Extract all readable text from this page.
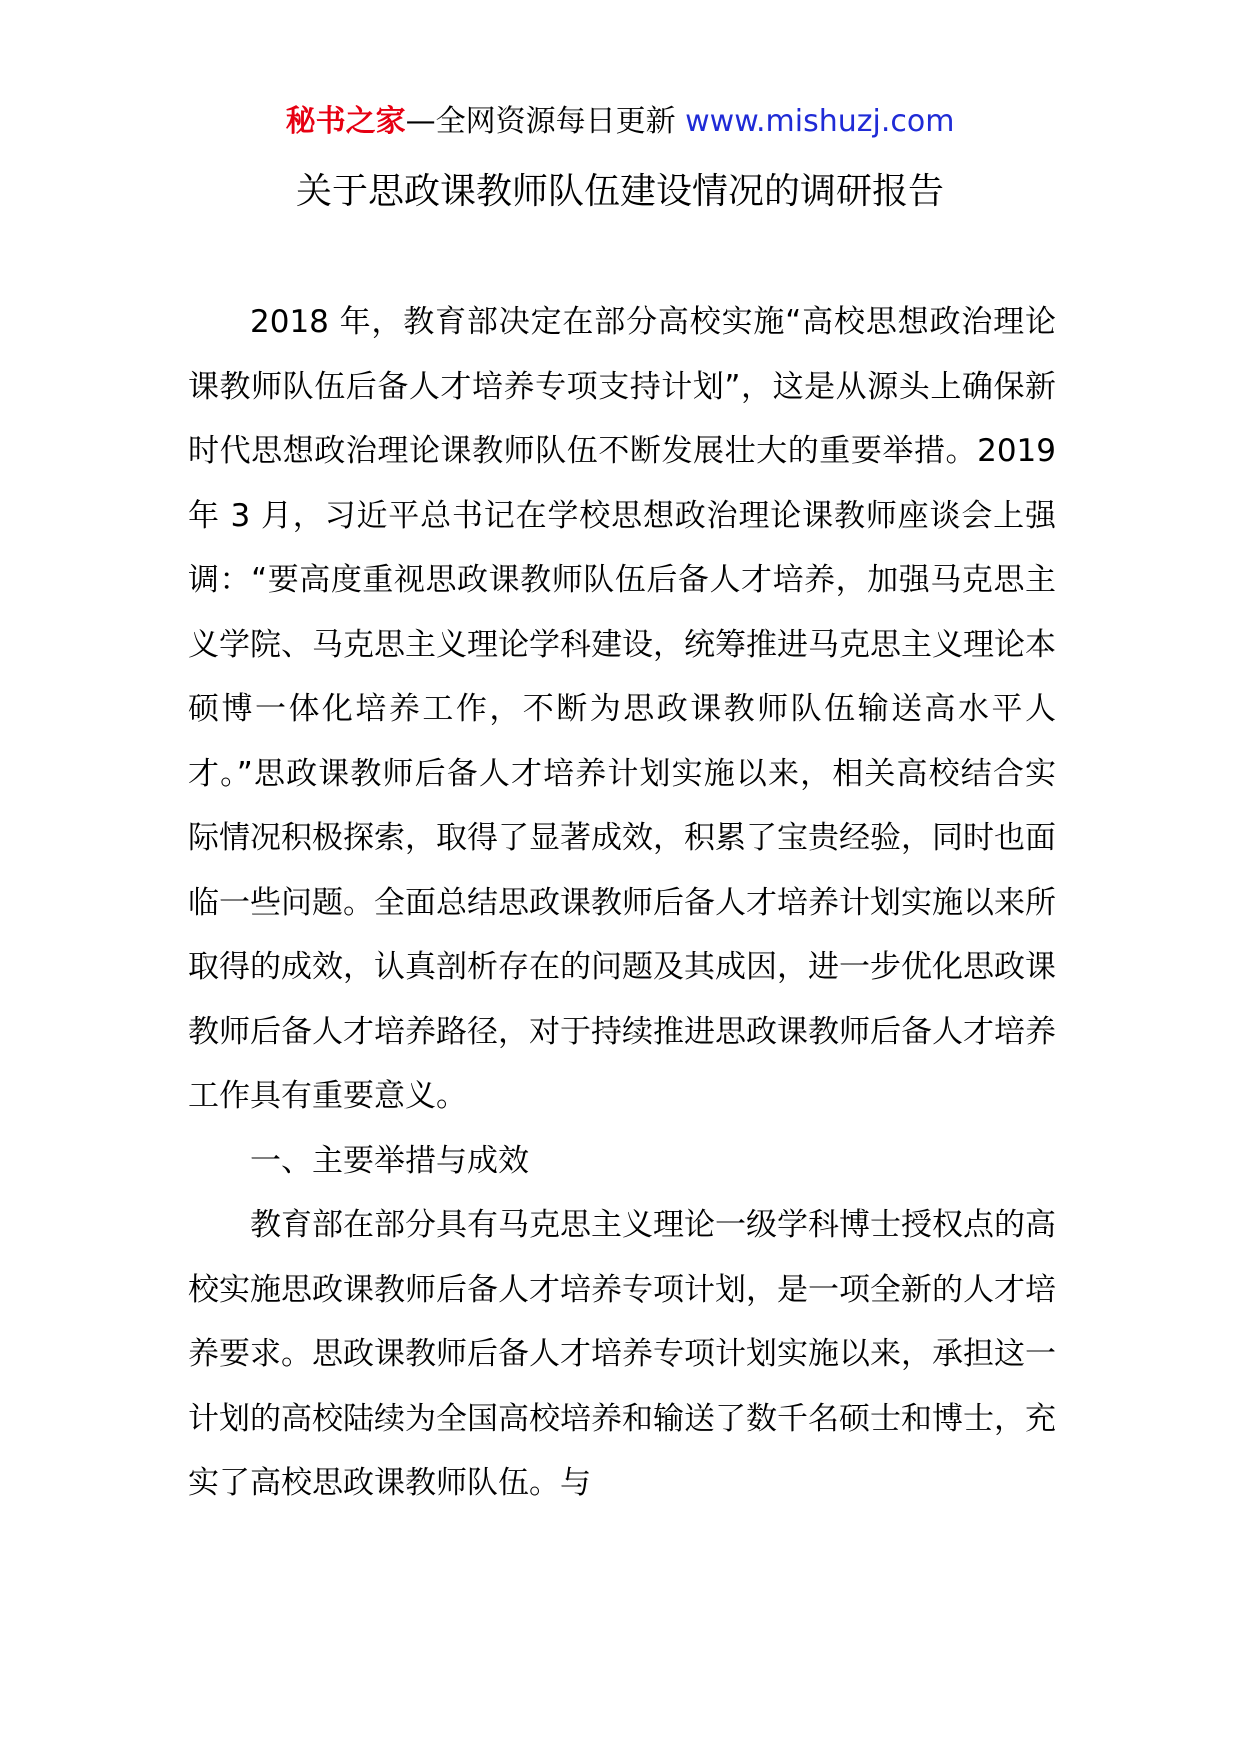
秘书之家—全网资源每日更新 www.mishuzj.com
关于思政课教师队伍建设情况的调研报告

2018 年，教育部决定在部分高校实施“高校思想政治理论课教师队伍后备人才培养专项支持计划”，这是从源头上确保新时代思想政治理论课教师队伍不断发展壮大的重要举措。2019 年 3 月，习近平总书记在学校思想政治理论课教师座谈会上强调：“要高度重视思政课教师队伍后备人才培养，加强马克思主义学院、马克思主义理论学科建设，统筹推进马克思主义理论本硕博一体化培养工作，不断为思政课教师队伍输送高水平人才。”思政课教师后备人才培养计划实施以来，相关高校结合实际情况积极探索，取得了显著成效，积累了宝贵经验，同时也面临一些问题。全面总结思政课教师后备人才培养计划实施以来所取得的成效，认真剖析存在的问题及其成因，进一步优化思政课教师后备人才培养路径，对于持续推进思政课教师后备人才培养工作具有重要意义。

一、主要举措与成效

教育部在部分具有马克思主义理论一级学科博士授权点的高校实施思政课教师后备人才培养专项计划，是一项全新的人才培养要求。思政课教师后备人才培养专项计划实施以来，承担这一计划的高校陆续为全国高校培养和输送了数千名硕士和博士，充实了高校思政课教师队伍。与
